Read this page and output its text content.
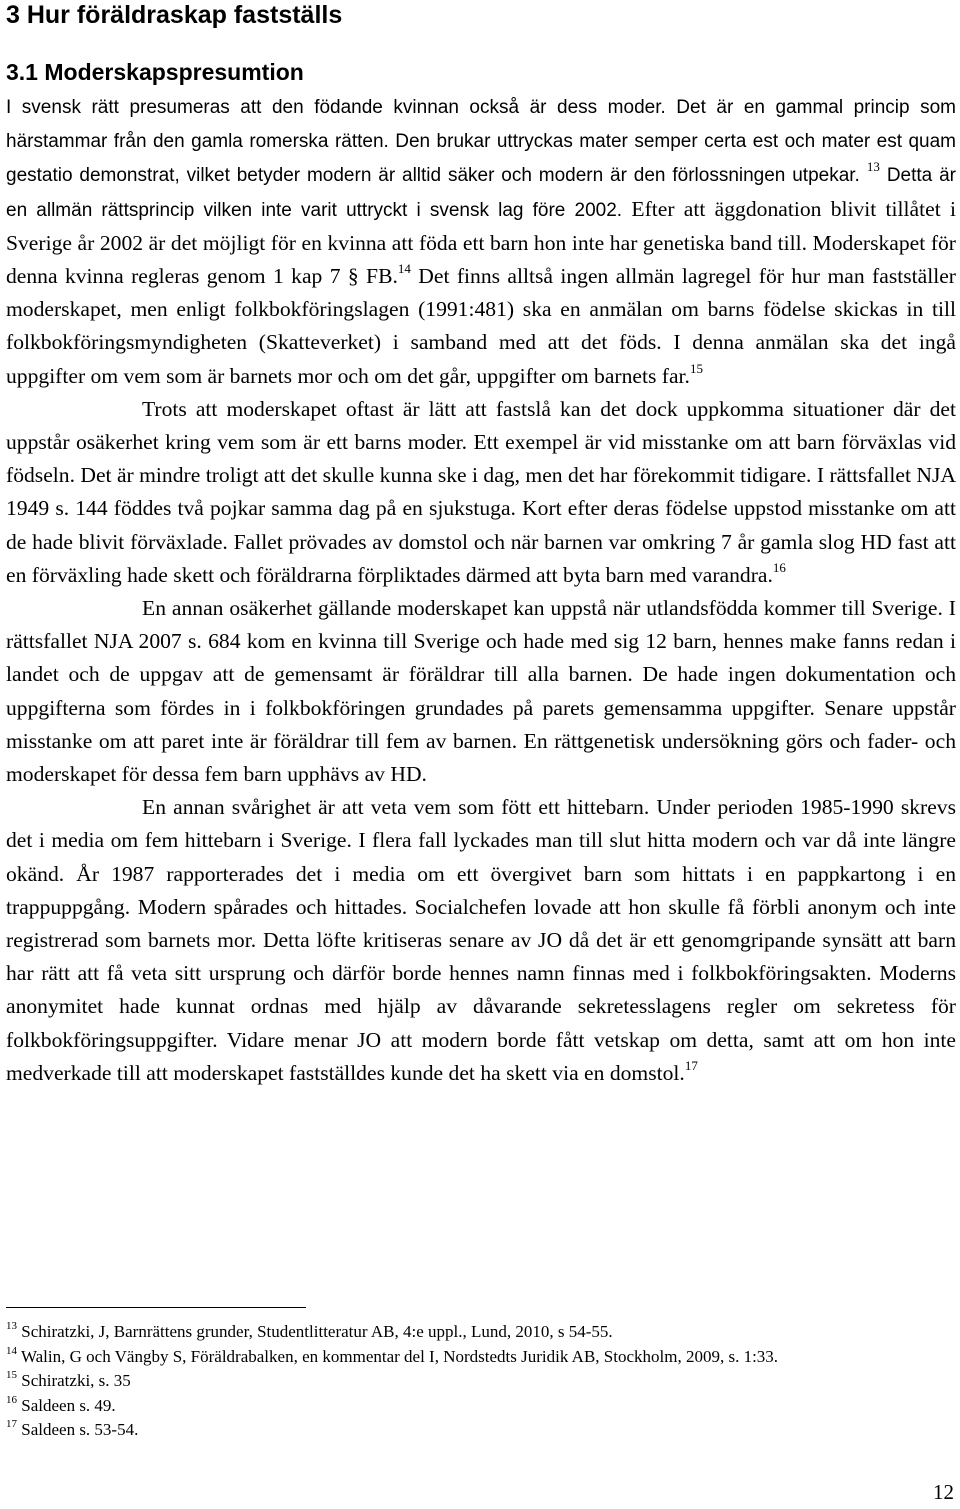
3 Hur föräldraskap fastställs
3.1 Moderskapspresumtion

I svensk rätt presumeras att den födande kvinnan också är dess moder. Det är en gammal princip som härstammar från den gamla romerska rätten. Den brukar uttryckas mater semper certa est och mater est quam gestatio demonstrat, vilket betyder modern är alltid säker och modern är den förlossningen utpekar. $^{13}$ Detta är en allmän rättsprincip vilken inte varit uttryckt i svensk lag före 2002. Efter att äggdonation blivit tillåtet i Sverige år 2002 är det möjligt för en kvinna att föda ett barn hon inte har genetiska band till. Moderskapet för denna kvinna regleras genom 1 kap 7 § FB.$^{14}$ Det finns alltså ingen allmän lagregel för hur man fastställer moderskapet, men enligt folkbokföringslagen (1991:481) ska en anmälan om barns födelse skickas in till folkbokföringsmyndigheten (Skatteverket) i samband med att det föds. I denna anmälan ska det ingå uppgifter om vem som är barnets mor och om det går, uppgifter om barnets far.$^{15}$

Trots att moderskapet oftast är lätt att fastslå kan det dock uppkomma situationer där det uppstår osäkerhet kring vem som är ett barns moder. Ett exempel är vid misstanke om att barn förväxlas vid födseln. Det är mindre troligt att det skulle kunna ske i dag, men det har förekommit tidigare. I rättsfallet NJA 1949 s. 144 föddes två pojkar samma dag på en sjukstuga. Kort efter deras födelse uppstod misstanke om att de hade blivit förväxlade. Fallet prövades av domstol och när barnen var omkring 7 år gamla slog HD fast att en förväxling hade skett och föräldrarna förpliktades därmed att byta barn med varandra.$^{16}$

En annan osäkerhet gällande moderskapet kan uppstå när utlandsfödda kommer till Sverige. I rättsfallet NJA 2007 s. 684 kom en kvinna till Sverige och hade med sig 12 barn, hennes make fanns redan i landet och de uppgav att de gemensamt är föräldrar till alla barnen. De hade ingen dokumentation och uppgifterna som fördes in i folkbokföringen grundades på parets gemensamma uppgifter. Senare uppstår misstanke om att paret inte är föräldrar till fem av barnen. En rättgenetisk undersökning görs och fader- och moderskapet för dessa fem barn upphävs av HD.

En annan svårighet är att veta vem som fött ett hittebarn. Under perioden 1985-1990 skrevs det i media om fem hittebarn i Sverige. I flera fall lyckades man till slut hitta modern och var då inte längre okänd. År 1987 rapporterades det i media om ett övergivet barn som hittats i en pappkartong i en trappuppgång. Modern spårades och hittades. Socialchefen lovade att hon skulle få förbli anonym och inte registrerad som barnets mor. Detta löfte kritiseras senare av JO då det är ett genomgripande synsätt att barn har rätt att få veta sitt ursprung och därför borde hennes namn finnas med i folkbokföringsakten. Moderns anonymitet hade kunnat ordnas med hjälp av dåvarande sekretesslagens regler om sekretess för folkbokföringsuppgifter. Vidare menar JO att modern borde fått vetskap om detta, samt att om hon inte medverkade till att moderskapet fastställdes kunde det ha skett via en domstol.$^{17}$

$^{13}$ Schiratzki, J, Barnrättens grunder, Studentlitteratur AB, 4:e uppl., Lund, 2010, s 54-55.

$^{14}$ Walin, G och Vängby S, Föräldrabalken, en kommentar del I, Nordstedts Juridik AB, Stockholm, 2009, s. 1:33.

$^{15}$ Schiratzki, s. 35

$^{16}$ Saldeen s. 49.

$^{17}$ Saldeen s. 53-54.

12
